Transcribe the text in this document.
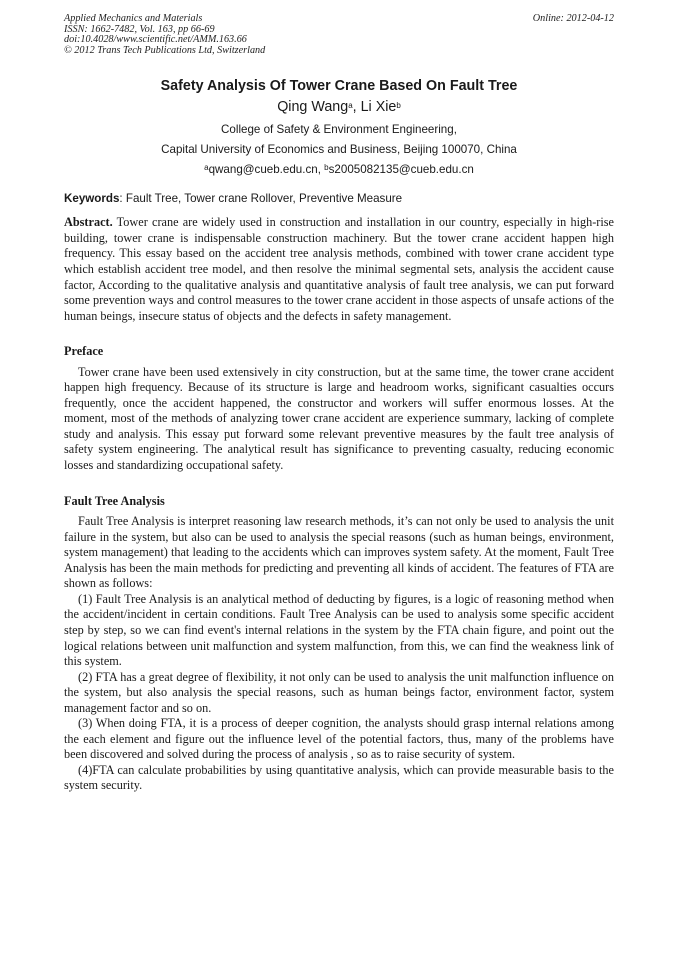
Applied Mechanics and Materials
ISSN: 1662-7482, Vol. 163, pp 66-69
doi:10.4028/www.scientific.net/AMM.163.66
© 2012 Trans Tech Publications Ltd, Switzerland
Online: 2012-04-12
Safety Analysis Of Tower Crane Based On Fault Tree
Qing Wang$^a$, Li Xie$^b$
College of Safety & Environment Engineering,
Capital University of Economics and Business, Beijing 100070, China
$^a$qwang@cueb.edu.cn, $^b$s2005082135@cueb.edu.cn
Keywords: Fault Tree, Tower crane Rollover, Preventive Measure
Abstract. Tower crane are widely used in construction and installation in our country, especially in high-rise building, tower crane is indispensable construction machinery. But the tower crane accident happen high frequency. This essay based on the accident tree analysis methods, combined with tower crane accident type which establish accident tree model, and then resolve the minimal segmental sets, analysis the accident cause factor, According to the qualitative analysis and quantitative analysis of fault tree analysis, we can put forward some prevention ways and control measures to the tower crane accident in those aspects of unsafe actions of the human beings, insecure status of objects and the defects in safety management.
Preface

Tower crane have been used extensively in city construction, but at the same time, the tower crane accident happen high frequency. Because of its structure is large and headroom works, significant casualties occurs frequently, once the accident happened, the constructor and workers will suffer enormous losses. At the moment, most of the methods of analyzing tower crane accident are experience summary, lacking of complete study and analysis. This essay put forward some relevant preventive measures by the fault tree analysis of safety system engineering. The analytical result has significance to preventing casualty, reducing economic losses and standardizing occupational safety.

Fault Tree Analysis

Fault Tree Analysis is interpret reasoning law research methods, it’s can not only be used to analysis the unit failure in the system, but also can be used to analysis the special reasons (such as human beings, environment, system management) that leading to the accidents which can improves system safety. At the moment, Fault Tree Analysis has been the main methods for predicting and preventing all kinds of accident. The features of FTA are shown as follows:

(1) Fault Tree Analysis is an analytical method of deducting by figures, is a logic of reasoning method when the accident/incident in certain conditions. Fault Tree Analysis can be used to analysis some specific accident step by step, so we can find event's internal relations in the system by the FTA chain figure, and point out the logical relations between unit malfunction and system malfunction, from this, we can find the weakness link of this system.

(2) FTA has a great degree of flexibility, it not only can be used to analysis the unit malfunction influence on the system, but also analysis the special reasons, such as human beings factor, environment factor, system management factor and so on.

(3) When doing FTA, it is a process of deeper cognition, the analysts should grasp internal relations among the each element and figure out the influence level of the potential factors, thus, many of the problems have been discovered and solved during the process of analysis , so as to raise security of system.

(4)FTA can calculate probabilities by using quantitative analysis, which can provide measurable basis to the system security.
